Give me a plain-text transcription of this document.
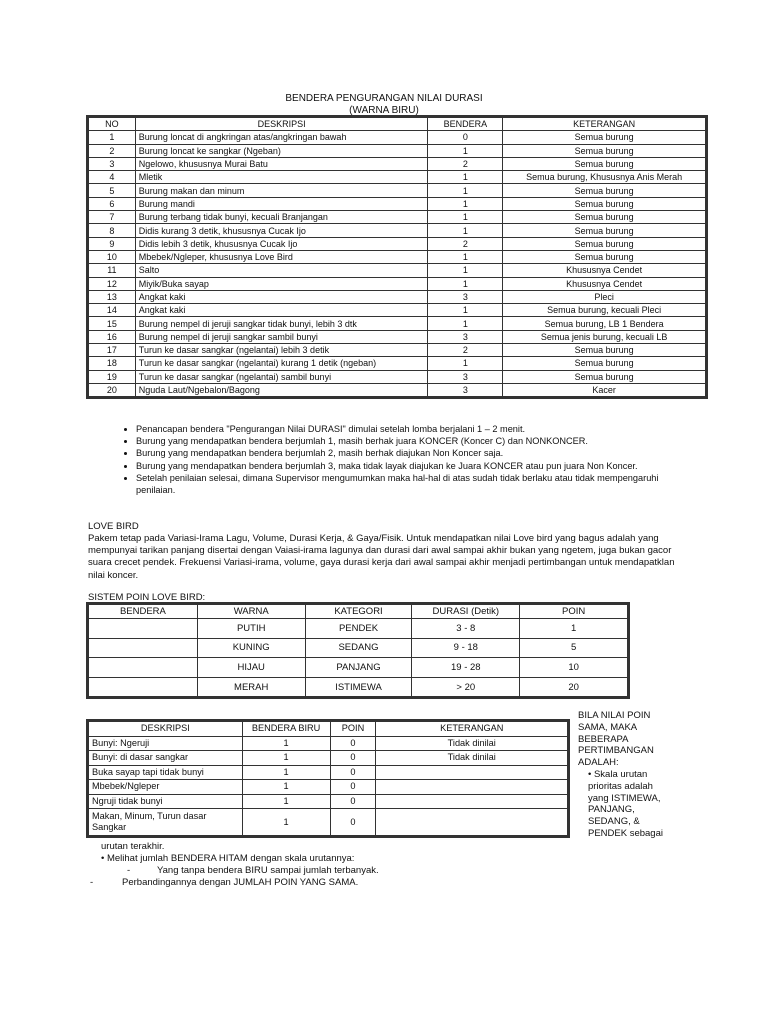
BENDERA PENGURANGAN NILAI DURASI
(WARNA BIRU)
NO	DESKRIPSI	BENDERA	KETERANGAN
1	Burung loncat di angkringan atas/angkringan bawah	0	Semua burung
2	Burung loncat ke sangkar (Ngeban)	1	Semua burung
3	Ngelowo, khususnya Murai Batu	2	Semua burung
4	Mletik	1	Semua burung, Khususnya Anis Merah
5	Burung makan dan minum	1	Semua burung
6	Burung mandi	1	Semua burung
7	Burung terbang tidak bunyi, kecuali Branjangan	1	Semua burung
8	Didis kurang 3 detik, khususnya Cucak Ijo	1	Semua burung
9	Didis lebih 3 detik, khususnya Cucak Ijo	2	Semua burung
10	Mbebek/Ngleper, khususnya Love Bird	1	Semua burung
11	Salto	1	Khususnya Cendet
12	Miyik/Buka sayap	1	Khususnya Cendet
13	Angkat kaki	3	Pleci
14	Angkat kaki	1	Semua burung, kecuali Pleci
15	Burung nempel di jeruji sangkar tidak bunyi, lebih 3 dtk	1	Semua burung, LB 1 Bendera
16	Burung nempel di jeruji sangkar sambil bunyi	3	Semua jenis burung, kecuali LB
17	Turun ke dasar sangkar (ngelantai) lebih 3 detik	2	Semua burung
18	Turun ke dasar sangkar (ngelantai) kurang 1 detik (ngeban)	1	Semua burung
19	Turun ke dasar sangkar (ngelantai) sambil bunyi	3	Semua burung
20	Nguda Laut/Ngebalon/Bagong	3	Kacer
• Penancapan bendera "Pengurangan Nilai DURASI" dimulai setelah lomba berjalani 1 – 2 menit.
• Burung yang mendapatkan bendera berjumlah 1, masih berhak juara KONCER (Koncer C) dan NONKONCER.
• Burung yang mendapatkan bendera berjumlah 2, masih berhak diajukan Non Koncer saja.
• Burung yang mendapatkan bendera berjumlah 3, maka tidak layak diajukan ke Juara KONCER atau pun juara Non Koncer.
• Setelah penilaian selesai, dimana Supervisor mengumumkan maka hal-hal di atas sudah tidak berlaku atau tidak mempengaruhi penilaian.
LOVE BIRD
Pakem tetap pada Variasi-Irama Lagu, Volume, Durasi Kerja, & Gaya/Fisik. Untuk mendapatkan nilai Love bird yang bagus adalah yang mempunyai tarikan panjang disertai dengan Vaiasi-irama lagunya dan durasi dari awal sampai akhir bukan yang ngetem, juga bukan gacor suara crecet pendek. Frekuensi Variasi-irama, volume, gaya durasi kerja dari awal sampai akhir menjadi pertimbangan untuk mendapatklan nilai koncer.
SISTEM POIN LOVE BIRD:
BENDERA	WARNA	KATEGORI	DURASI (Detik)	POIN
	PUTIH	PENDEK	3 - 8	1
	KUNING	SEDANG	9 - 18	5
	HIJAU	PANJANG	19 - 28	10
	MERAH	ISTIMEWA	> 20	20
DESKRIPSI	BENDERA BIRU	POIN	KETERANGAN
Bunyi: Ngeruji	1	0	Tidak dinilai
Bunyi: di dasar sangkar	1	0	Tidak dinilai
Buka sayap tapi tidak bunyi	1	0	
Mbebek/Ngleper	1	0	
Ngruji tidak bunyi	1	0	
Makan, Minum, Turun dasar Sangkar	1	0	
BILA NILAI POIN
SAMA, MAKA
BEBERAPA
PERTIMBANGAN
ADALAH:
• Skala urutan
prioritas adalah
yang ISTIMEWA,
PANJANG,
SEDANG, &
PENDEK sebagai
urutan terakhir.
• Melihat jumlah BENDERA HITAM dengan skala urutannya:
-	Yang tanpa bendera BIRU sampai jumlah terbanyak.
-	Perbandingannya dengan JUMLAH POIN YANG SAMA.
